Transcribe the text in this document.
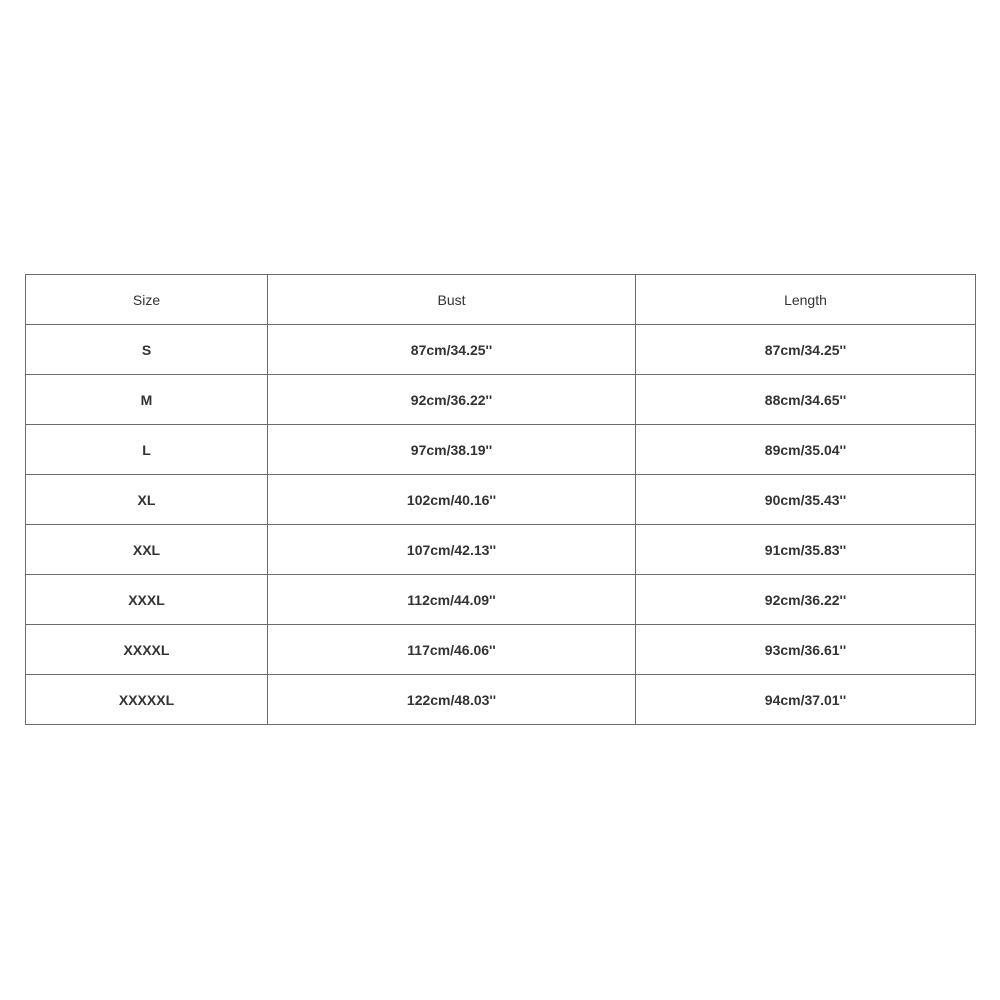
Size	Bust	Length
S	87cm/34.25''	87cm/34.25''
M	92cm/36.22''	88cm/34.65''
L	97cm/38.19''	89cm/35.04''
XL	102cm/40.16''	90cm/35.43''
XXL	107cm/42.13''	91cm/35.83''
XXXL	112cm/44.09''	92cm/36.22''
XXXXL	117cm/46.06''	93cm/36.61''
XXXXXL	122cm/48.03''	94cm/37.01''
